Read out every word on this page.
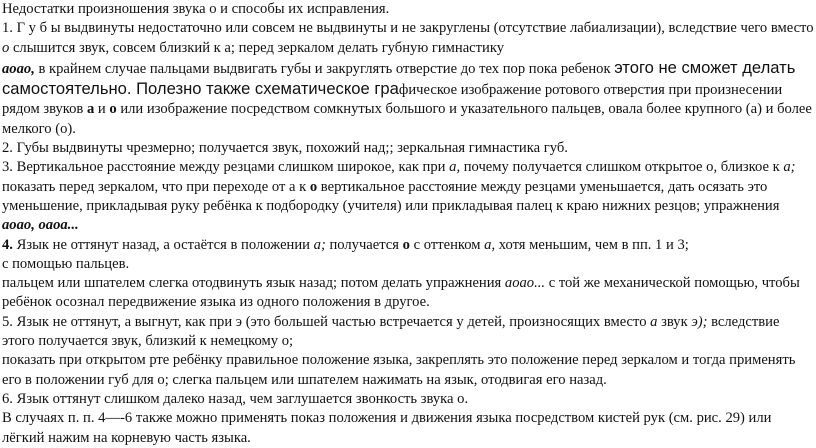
Недостатки произношения звука о и способы их исправления.

1. Г у б ы выдвинуты недостаточно или совсем не выдвинуты и не закруглены (отсутствие лабиализации), вследствие чего вместо о слышится звук, совсем близкий к а; перед зеркалом делать губную гимнастику
аоао, в крайнем случае пальцами выдвигать губы и закруглять отверстие до тех пор пока ребенок этого не сможет делать самостоятельно. Полезно также схематическое графическое изображение ротового отверстия при произнесении рядом звуков а и о или изображение посредством сомкнутых большого и указательного пальцев, овала более крупного (а) и более мелкого (о).

2. Губы выдвинуты чрезмерно; получается звук, похожий над;; зеркальная гимнастика губ.

3. Вертикальное расстояние между резцами слишком широкое, как при а, почему получается слишком открытое о, близкое к а;
показать перед зеркалом, что при переходе от а к о вертикальное расстояние между резцами уменьшается, дать осязать это уменьшение, прикладывая руку ребёнка к подбородку (учителя) или прикладывая палец к краю нижних резцов; упражнения
аоао, оаоа...

4. Язык не оттянут назад, а остаётся в положении а; получается о с оттенком а, хотя меньшим, чем в пп. 1 и 3;
с помощью пальцев.
пальцем или шпателем слегка отодвинуть язык назад; потом делать упражнения аоао... с той же механической помощью, чтобы ребёнок осознал передвижение языка из одного положения в другое.

5. Язык не оттянут, а выгнут, как при э (это большей частью встречается у детей, произносящих вместо а звук э); вследствие этого получается звук, близкий к немецкому о;
показать при открытом рте ребёнку правильное положение языка, закреплять это положение перед зеркалом и тогда применять его в положении губ для о; слегка пальцем или шпателем нажимать на язык, отодвигая его назад.

6. Язык оттянут слишком далеко назад, чем заглушается звонкость звука о.

В случаях п. п. 4—-6 также можно применять показ положения и движения языка посредством кистей рук (см. рис. 29) или лёгкий нажим на корневую часть языка.
